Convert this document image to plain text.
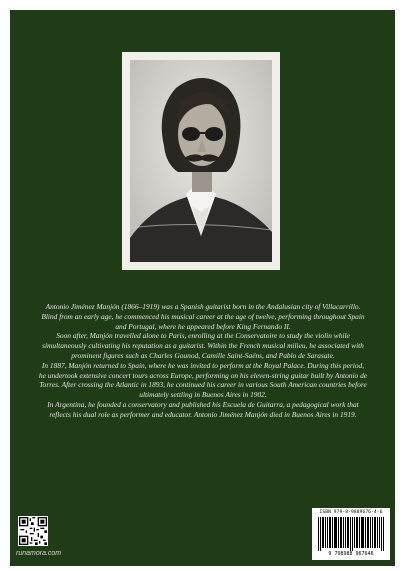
Antonio Jiménez Manjón (1866–1919) was a Spanish guitarist born in the Andalusian city of Villacarrillo. Blind from an early age, he commenced his musical career at the age of twelve, performing throughout Spain and Portugal, where he appeared before King Fernando II.

Soon after, Manjón travelled alone to Paris, enrolling at the Conservatoire to study the violin while simultaneously cultivating his reputation as a guitarist. Within the French musical milieu, he associated with prominent figures such as Charles Gounod, Camille Saint-Saëns, and Pablo de Sarasate.

In 1887, Manjón returned to Spain, where he was invited to perform at the Royal Palace. During this period, he undertook extensive concert tours across Europe, performing on his eleven-string guitar built by Antonio de Torres. After crossing the Atlantic in 1893, he continued his career in various South American countries before ultimately settling in Buenos Aires in 1902.

In Argentina, he founded a conservatory and published his Escuela de Guitarra, a pedagogical work that reflects his dual role as performer and educator. Antonio Jiménez Manjón died in Buenos Aires in 1919.

runamora.com
ISBN 979-8-9889676-4-6
9 798988 967646
